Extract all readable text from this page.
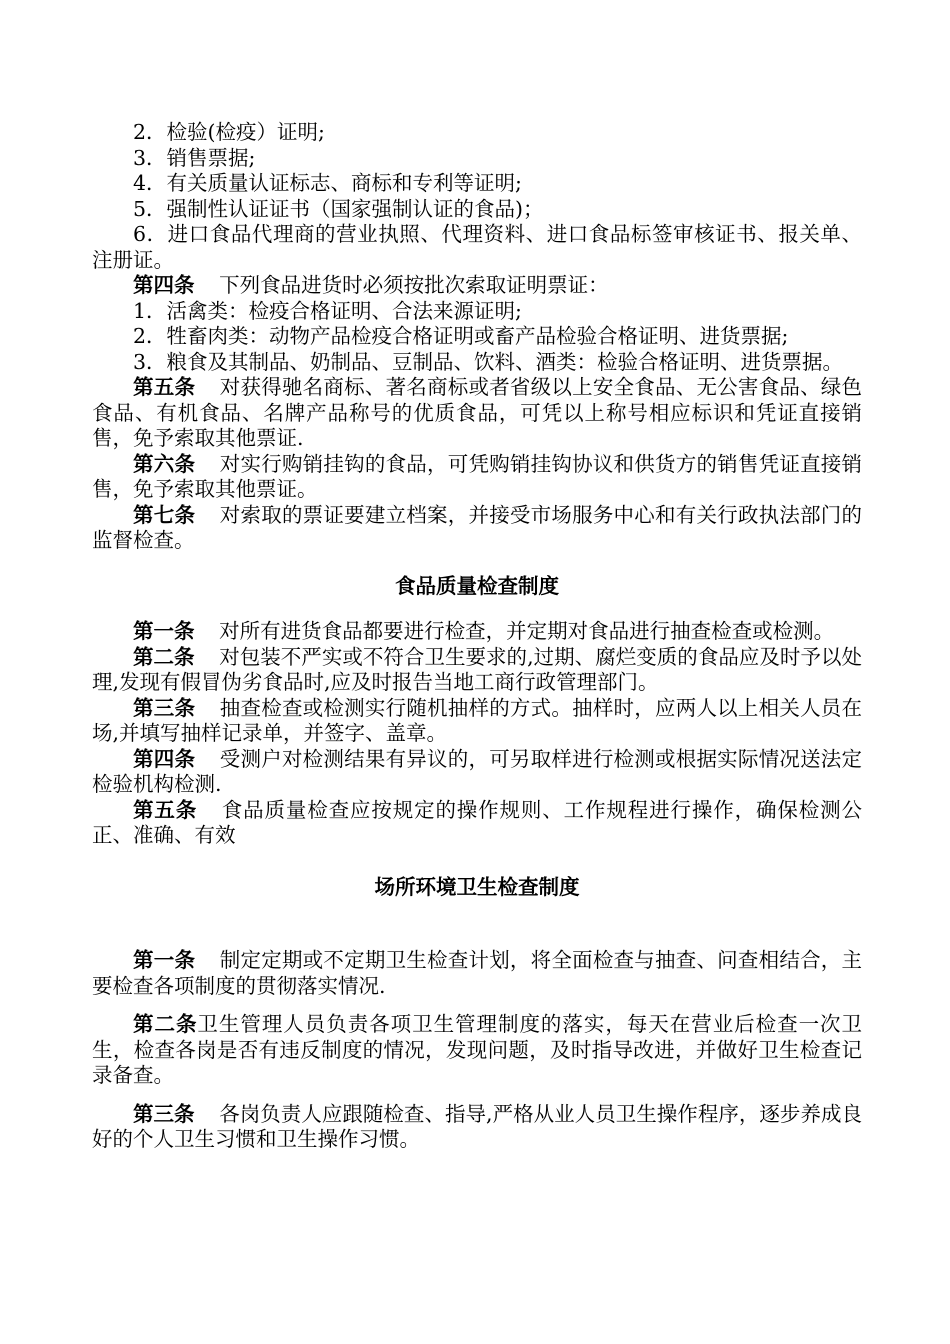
2．检验(检疫）证明;

3．销售票据;

4．有关质量认证标志、商标和专利等证明;

5．强制性认证证书（国家强制认证的食品)；

6．进口食品代理商的营业执照、代理资料、进口食品标签审核证书、报关单、注册证。

第四条 下列食品进货时必须按批次索取证明票证：

1．活禽类：检疫合格证明、合法来源证明;

2．牲畜肉类：动物产品检疫合格证明或畜产品检验合格证明、进货票据;

3．粮食及其制品、奶制品、豆制品、饮料、酒类：检验合格证明、进货票据。

第五条 对获得驰名商标、著名商标或者省级以上安全食品、无公害食品、绿色食品、有机食品、名牌产品称号的优质食品，可凭以上称号相应标识和凭证直接销售，免予索取其他票证.

第六条 对实行购销挂钩的食品，可凭购销挂钩协议和供货方的销售凭证直接销售，免予索取其他票证。

第七条 对索取的票证要建立档案，并接受市场服务中心和有关行政执法部门的监督检查。

食品质量检查制度

第一条 对所有进货食品都要进行检查，并定期对食品进行抽查检查或检测。

第二条 对包装不严实或不符合卫生要求的,过期、腐烂变质的食品应及时予以处理,发现有假冒伪劣食品时,应及时报告当地工商行政管理部门。

第三条 抽查检查或检测实行随机抽样的方式。抽样时，应两人以上相关人员在场,并填写抽样记录单，并签字、盖章。

第四条 受测户对检测结果有异议的，可另取样进行检测或根据实际情况送法定检验机构检测.

第五条 食品质量检查应按规定的操作规则、工作规程进行操作，确保检测公正、准确、有效

场所环境卫生检查制度

第一条 制定定期或不定期卫生检查计划，将全面检查与抽查、问查相结合，主要检查各项制度的贯彻落实情况.

第二条卫生管理人员负责各项卫生管理制度的落实，每天在营业后检查一次卫生，检查各岗是否有违反制度的情况，发现问题，及时指导改进，并做好卫生检查记录备查。

第三条 各岗负责人应跟随检查、指导,严格从业人员卫生操作程序，逐步养成良好的个人卫生习惯和卫生操作习惯。
